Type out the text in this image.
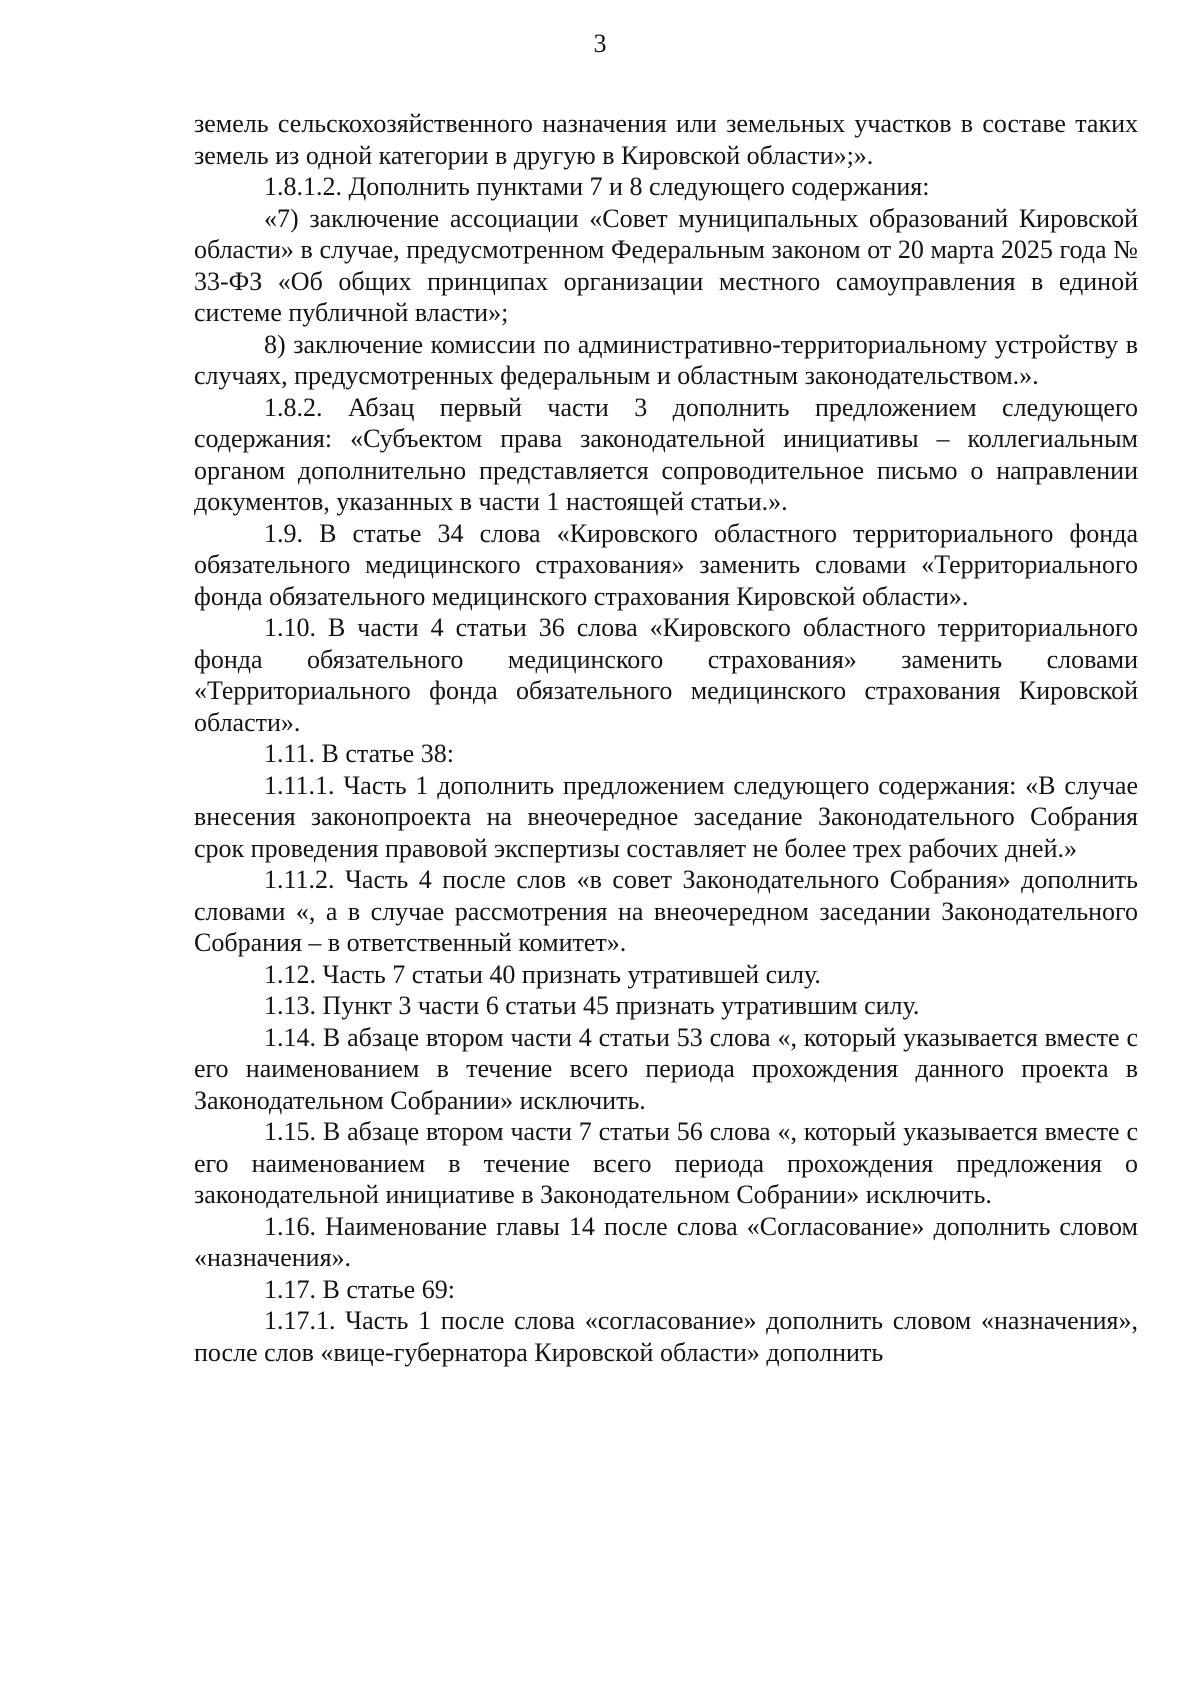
3

земель сельскохозяйственного назначения или земельных участков в составе таких земель из одной категории в другую в Кировской области»;».

1.8.1.2. Дополнить пунктами 7 и 8 следующего содержания:

«7) заключение ассоциации «Совет муниципальных образований Кировской области» в случае, предусмотренном Федеральным законом от 20 марта 2025 года № 33-ФЗ «Об общих принципах организации местного самоуправления в единой системе публичной власти»;

8) заключение комиссии по административно-территориальному устройству в случаях, предусмотренных федеральным и областным законодательством.».

1.8.2. Абзац первый части 3 дополнить предложением следующего содержания: «Субъектом права законодательной инициативы – коллегиальным органом дополнительно представляется сопроводительное письмо о направлении документов, указанных в части 1 настоящей статьи.».

1.9. В статье 34 слова «Кировского областного территориального фонда обязательного медицинского страхования» заменить словами «Территориального фонда обязательного медицинского страхования Кировской области».

1.10. В части 4 статьи 36 слова «Кировского областного территориального фонда обязательного медицинского страхования» заменить словами «Территориального фонда обязательного медицинского страхования Кировской области».

1.11. В статье 38:

1.11.1. Часть 1 дополнить предложением следующего содержания: «В случае внесения законопроекта на внеочередное заседание Законодательного Собрания срок проведения правовой экспертизы составляет не более трех рабочих дней.»

1.11.2. Часть 4 после слов «в совет Законодательного Собрания» дополнить словами «, а в случае рассмотрения на внеочередном заседании Законодательного Собрания – в ответственный комитет».

1.12. Часть 7 статьи 40 признать утратившей силу.

1.13. Пункт 3 части 6 статьи 45 признать утратившим силу.

1.14. В абзаце втором части 4 статьи 53 слова «, который указывается вместе с его наименованием в течение всего периода прохождения данного проекта в Законодательном Собрании» исключить.

1.15. В абзаце втором части 7 статьи 56 слова «, который указывается вместе с его наименованием в течение всего периода прохождения предложения о законодательной инициативе в Законодательном Собрании» исключить.

1.16. Наименование главы 14 после слова «Согласование» дополнить словом «назначения».

1.17. В статье 69:

1.17.1. Часть 1 после слова «согласование» дополнить словом «назначения», после слов «вице-губернатора Кировской области» дополнить
